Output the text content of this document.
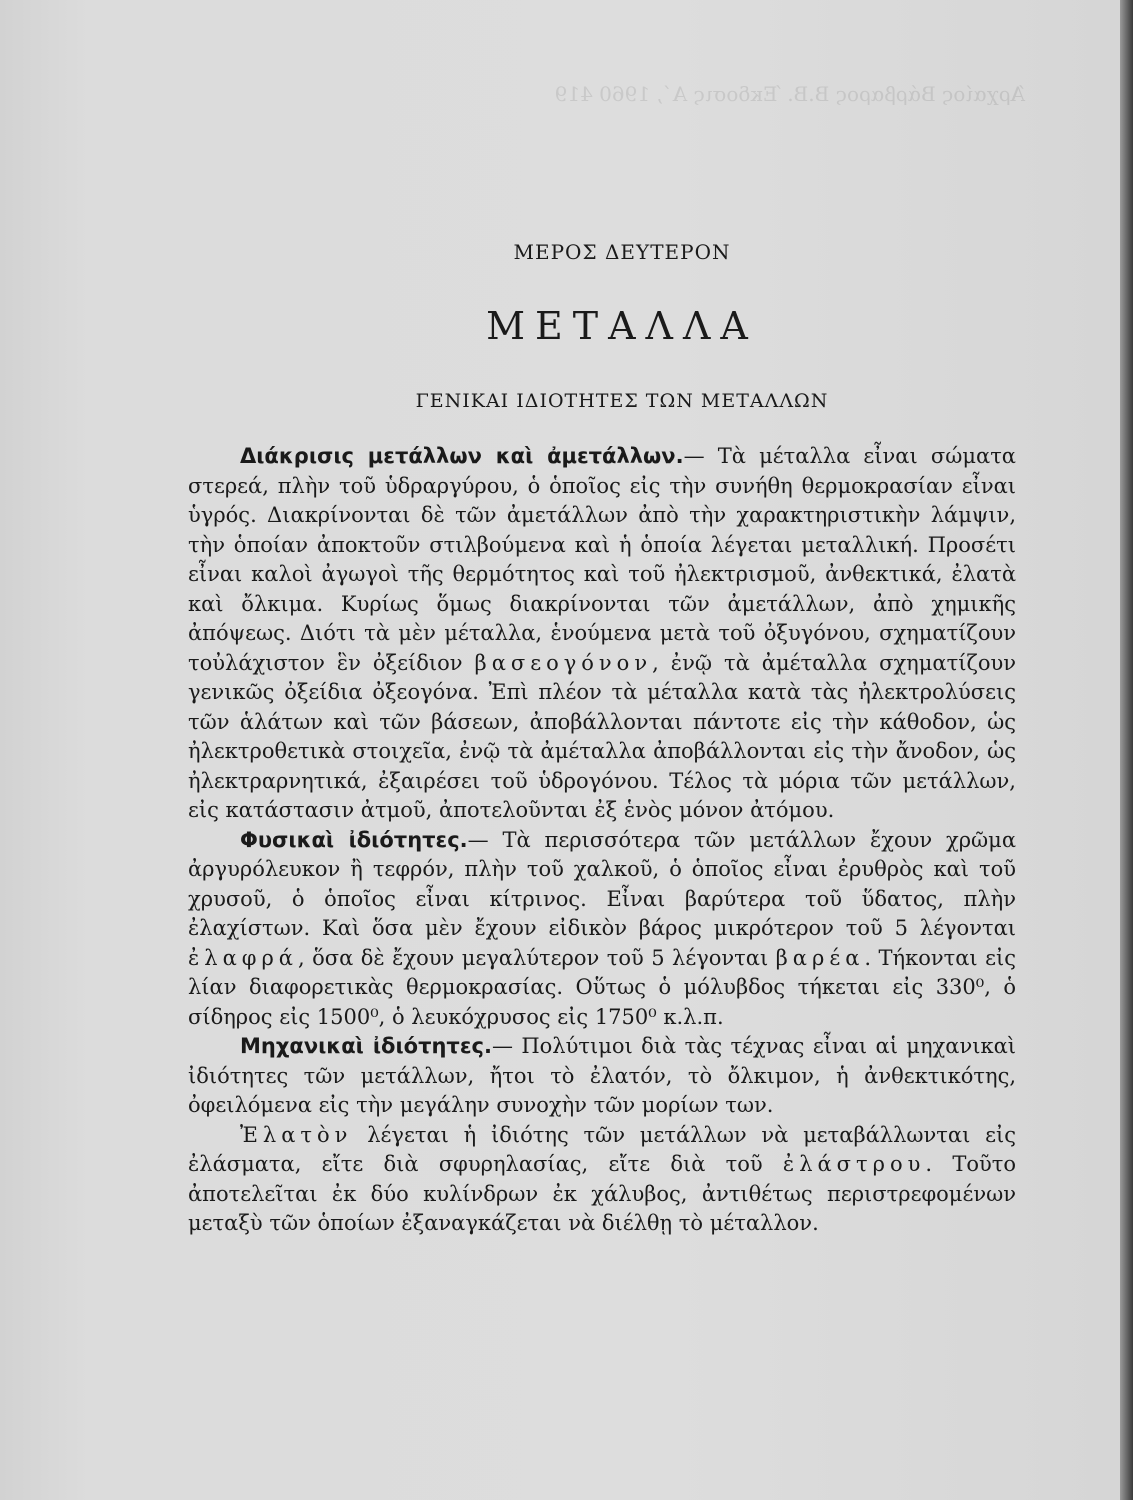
Άρχαίος Βάρβαρος Β.Β. Έκδοσις Α΄, 1960 419
ΜΕΡΟΣ ΔΕΥΤΕΡΟΝ
ΜΕΤΑΛΛΑ
ΓΕΝΙΚΑΙ ΙΔΙΟΤΗΤΕΣ ΤΩΝ ΜΕΤΑΛΛΩΝ

Διάκρισις μετάλλων καὶ ἀμετάλλων.— Τὰ μέταλλα εἶναι σώματα στερεά, πλὴν τοῦ ὑδραργύρου, ὁ ὁποῖος εἰς τὴν συνήθη θερμοκρασίαν εἶναι ὑγρός. Διακρίνονται δὲ τῶν ἀμετάλλων ἀπὸ τὴν χαρακτηριστικὴν λάμψιν, τὴν ὁποίαν ἀποκτοῦν στιλβούμενα καὶ ἡ ὁποία λέγεται μεταλλική. Προσέτι εἶναι καλοὶ ἀγωγοὶ τῆς θερμότητος καὶ τοῦ ἠλεκτρισμοῦ, ἀνθεκτικά, ἐλατὰ καὶ ὄλκιμα. Κυρίως ὅμως διακρίνονται τῶν ἀμετάλλων, ἀπὸ χημικῆς ἀπόψεως. Διότι τὰ μὲν μέταλλα, ἑνούμενα μετὰ τοῦ ὀξυγόνου, σχηματίζουν τοὐλάχιστον ἓν ὀξείδιον βασεογόνον, ἐνῷ τὰ ἀμέταλλα σχηματίζουν γενικῶς ὀξείδια ὀξεογόνα. Ἐπὶ πλέον τὰ μέταλλα κατὰ τὰς ἠλεκτρολύσεις τῶν ἁλάτων καὶ τῶν βάσεων, ἀποβάλλονται πάντοτε εἰς τὴν κάθοδον, ὡς ἠλεκτροθετικὰ στοιχεῖα, ἐνῷ τὰ ἀμέταλλα ἀποβάλλονται εἰς τὴν ἄνοδον, ὡς ἠλεκτραρνητικά, ἐξαιρέσει τοῦ ὑδρογόνου. Τέλος τὰ μόρια τῶν μετάλλων, εἰς κατάστασιν ἀτμοῦ, ἀποτελοῦνται ἐξ ἑνὸς μόνον ἀτόμου.

Φυσικαὶ ἰδιότητες.— Τὰ περισσότερα τῶν μετάλλων ἔχουν χρῶμα ἀργυρόλευκον ἢ τεφρόν, πλὴν τοῦ χαλκοῦ, ὁ ὁποῖος εἶναι ἐρυθρὸς καὶ τοῦ χρυσοῦ, ὁ ὁποῖος εἶναι κίτρινος. Εἶναι βαρύτερα τοῦ ὕδατος, πλὴν ἐλαχίστων. Καὶ ὅσα μὲν ἔχουν εἰδικὸν βάρος μικρότερον τοῦ 5 λέγονται ἐλαφρά, ὅσα δὲ ἔχουν μεγαλύτερον τοῦ 5 λέγονται βαρέα. Τήκονται εἰς λίαν διαφορετικὰς θερμοκρασίας. Οὕτως ὁ μόλυβδος τήκεται εἰς 330⁰, ὁ σίδηρος εἰς 1500⁰, ὁ λευκόχρυσος εἰς 1750⁰ κ.λ.π.

Μηχανικαὶ ἰδιότητες.— Πολύτιμοι διὰ τὰς τέχνας εἶναι αἱ μηχανικαὶ ἰδιότητες τῶν μετάλλων, ἤτοι τὸ ἐλατόν, τὸ ὄλκιμον, ἡ ἀνθεκτικότης, ὀφειλόμενα εἰς τὴν μεγάλην συνοχὴν τῶν μορίων των.

Ἐλατὸν λέγεται ἡ ἰδιότης τῶν μετάλλων νὰ μεταβάλλωνται εἰς ἐλάσματα, εἴτε διὰ σφυρηλασίας, εἴτε διὰ τοῦ ἐλάστρου. Τοῦτο ἀποτελεῖται ἐκ δύο κυλίνδρων ἐκ χάλυβος, ἀντιθέτως περιστρεφομένων μεταξὺ τῶν ὁποίων ἐξαναγκάζεται νὰ διέλθῃ τὸ μέταλλον.
